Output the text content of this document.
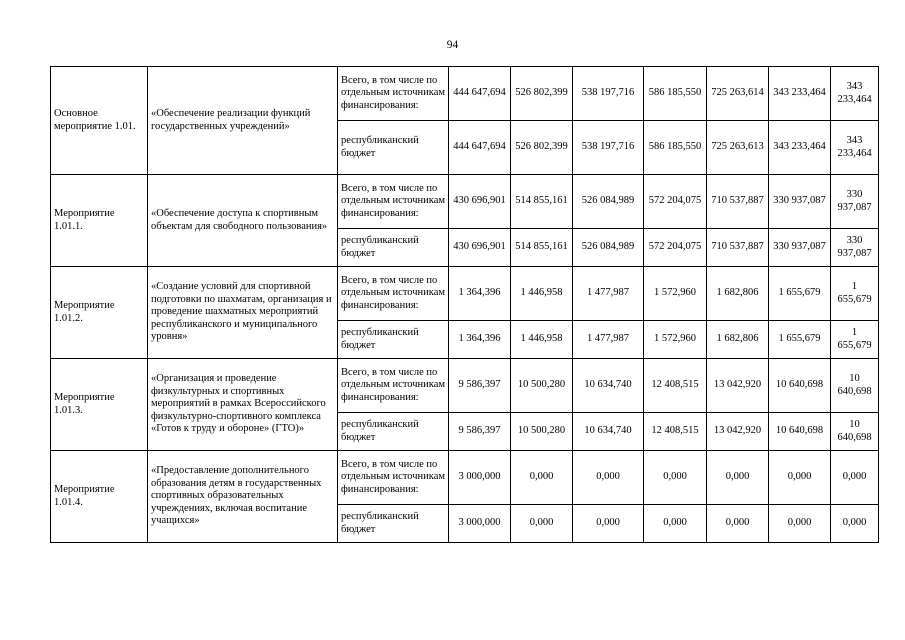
94
Основное мероприятие 1.01.	«Обеспечение реализации функций государственных учреждений»	Всего, в том числе по отдельным источникам финансирования:	444 647,694	526 802,399	538 197,716	586 185,550	725 263,614	343 233,464	343 233,464
		республиканский бюджет	444 647,694	526 802,399	538 197,716	586 185,550	725 263,613	343 233,464	343 233,464
Мероприятие 1.01.1.	«Обеспечение доступа к спортивным объектам для свободного пользования»	Всего, в том числе по отдельным источникам финансирования:	430 696,901	514 855,161	526 084,989	572 204,075	710 537,887	330 937,087	330 937,087
		республиканский бюджет	430 696,901	514 855,161	526 084,989	572 204,075	710 537,887	330 937,087	330 937,087
Мероприятие 1.01.2.	«Создание условий для спортивной подготовки по шахматам, организация и проведение шахматных мероприятий республиканского и муниципального уровня»	Всего, в том числе по отдельным источникам финансирования:	1 364,396	1 446,958	1 477,987	1 572,960	1 682,806	1 655,679	1 655,679
		республиканский бюджет	1 364,396	1 446,958	1 477,987	1 572,960	1 682,806	1 655,679	1 655,679
Мероприятие 1.01.3.	«Организация и проведение физкультурных и спортивных мероприятий в рамках Всероссийского физкультурно-спортивного комплекса «Готов к труду и обороне» (ГТО)»	Всего, в том числе по отдельным источникам финансирования:	9 586,397	10 500,280	10 634,740	12 408,515	13 042,920	10 640,698	10 640,698
		республиканский бюджет	9 586,397	10 500,280	10 634,740	12 408,515	13 042,920	10 640,698	10 640,698
Мероприятие 1.01.4.	«Предоставление дополнительного образования детям в государственных спортивных образовательных учреждениях, включая воспитание учащихся»	Всего, в том числе по отдельным источникам финансирования:	3 000,000	0,000	0,000	0,000	0,000	0,000	0,000
		республиканский бюджет	3 000,000	0,000	0,000	0,000	0,000	0,000	0,000
